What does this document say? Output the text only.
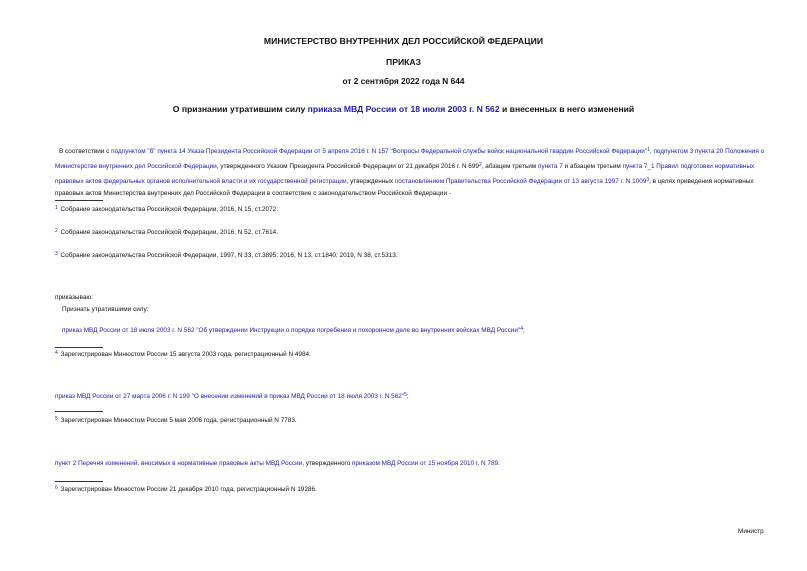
МИНИСТЕРСТВО ВНУТРЕННИХ ДЕЛ РОССИЙСКОЙ ФЕДЕРАЦИИ
ПРИКАЗ
от 2 сентября 2022 года N 644
О признании утратившим силу приказа МВД России от 18 июля 2003 г. N 562 и внесенных в него изменений
В соответствии с подпунктом "б" пункта 14 Указа Президента Российской Федерации от 5 апреля 2016 г. N 157 "Вопросы Федеральной службы войск национальной гвардии Российской Федерации"$^1$, подпунктом 3 пункта 20 Положения о Министерстве внутренних дел Российской Федерации, утвержденного Указом Президента Российской Федерации от 21 декабря 2016 г. N $699^2$, абзацем третьим пункта 7 и абзацем третьим пункта 7_1 Правил подготовки нормативных правовых актов федеральных органов исполнительной власти и их государственной регистрации, утвержденных постановлением Правительства Российской Федерации от 13 августа 1997 г. N 1009$^3$, в целях приведения нормативных правовых актов Министерства внутренних дел Российской Федерации в соответствие с законодательством Российской Федерации -
$^1$ Собрание законодательства Российской Федерации, 2016, N 15, ст.2072.
$^2$ Собрание законодательства Российской Федерации, 2016, N 52, ст.7614.
$^3$ Собрание законодательства Российской Федерации, 1997, N 33, ст.3895; 2016, N 13, ст.1840; 2019, N 38, ст.5313.
приказываю:
Признать утратившими силу:
приказ МВД России от 18 июля 2003 г. N 562 "Об утверждении Инструкции о порядке погребения и похоронном деле во внутренних войсках МВД России"$^4$;
$^4$ Зарегистрирован Минюстом России 15 августа 2003 года, регистрационный N 4984.
приказ МВД России от 27 марта 2006 г. N 199 "О внесении изменений в приказ МВД России от 18 июля 2003 г. N 562"$^5$;
$^5$ Зарегистрирован Минюстом России 5 мая 2006 года, регистрационный N 7783.
пункт 2 Перечня изменений, вносимых в нормативные правовые акты МВД России, утвержденного приказом МВД России от 15 ноября 2010 г. N 789.
$^6$ Зарегистрирован Минюстом России 21 декабря 2010 года, регистрационный N 19286.
Министр
